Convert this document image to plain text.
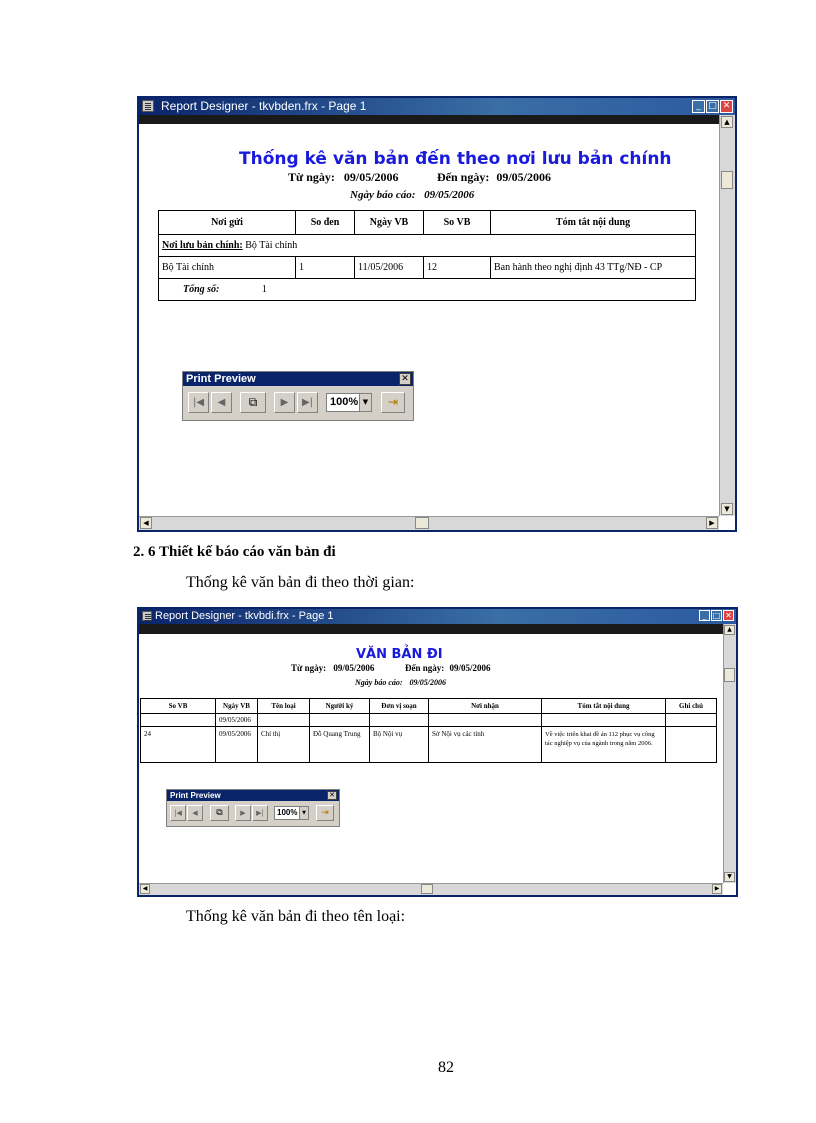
Report Designer - tkvbden.frx - Page 1	_ □ ✕
▲
▼
◀	▶
Thống kê văn bản đến theo nơi lưu bản chính
Từ ngày: 09/05/2006	Đến ngày: 09/05/2006
Ngày báo cáo: 09/05/2006
Nơi gửi	So đen	Ngày VB	So VB	Tóm tắt nội dung
Nơi lưu bản chính: Bộ Tài chính				
Bộ Tài chính	1	11/05/2006	12	Ban hành theo nghị định 43 TTg/NĐ - CP
Tổng số: 1				
Print Preview	✕
|◀	◀	⧉	▶	▶|	100% ▼	⇥
2. 6 Thiết kế báo cáo văn bản đi
Thống kê văn bản đi theo thời gian:
Report Designer - tkvbdi.frx - Page 1	_ □ ✕
▲
▼
◀	▶
VĂN BẢN ĐI
Từ ngày: 09/05/2006	Đến ngày: 09/05/2006
Ngày báo cáo: 09/05/2006
So VB	Ngày VB	Tên loại	Người ký	Đơn vị soạn	Nơi nhận	Tóm tắt nội dung	Ghi chú
	09/05/2006						
24	09/05/2006	Chỉ thị	Đỗ Quang Trung	Bộ Nội vụ	Sở Nội vụ các tỉnh	Về việc triển khai đề án 112 phục vụ công tác nghiệp vụ của ngành trong năm 2006.	
Print Preview	✕
|◀	◀	⧉	▶	▶|	100% ▼	⇥
Thống kê văn bản đi theo tên loại:
82
